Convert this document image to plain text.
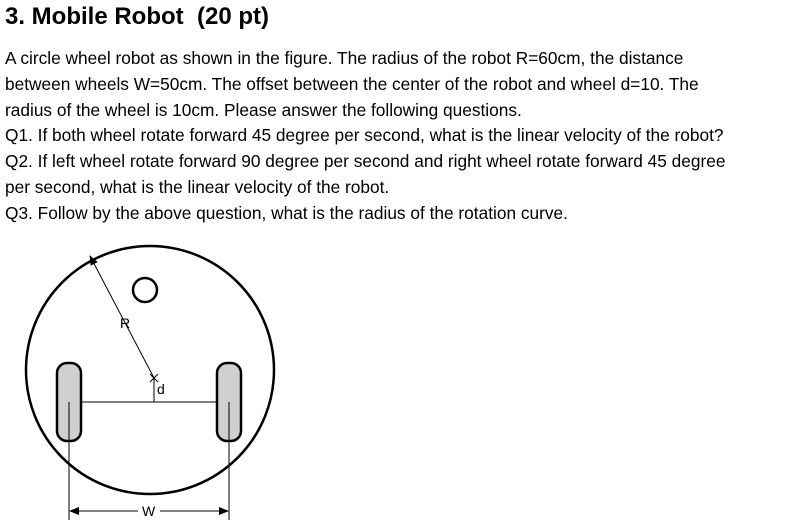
3. Mobile Robot  (20 pt)
A circle wheel robot as shown in the figure. The radius of the robot R=60cm, the distance
between wheels W=50cm. The offset between the center of the robot and wheel d=10. The
radius of the wheel is 10cm. Please answer the following questions.
Q1. If both wheel rotate forward 45 degree per second, what is the linear velocity of the robot?
Q2. If left wheel rotate forward 90 degree per second and right wheel rotate forward 45 degree
per second, what is the linear velocity of the robot.
Q3. Follow by the above question, what is the radius of the rotation curve.
R
d
W
